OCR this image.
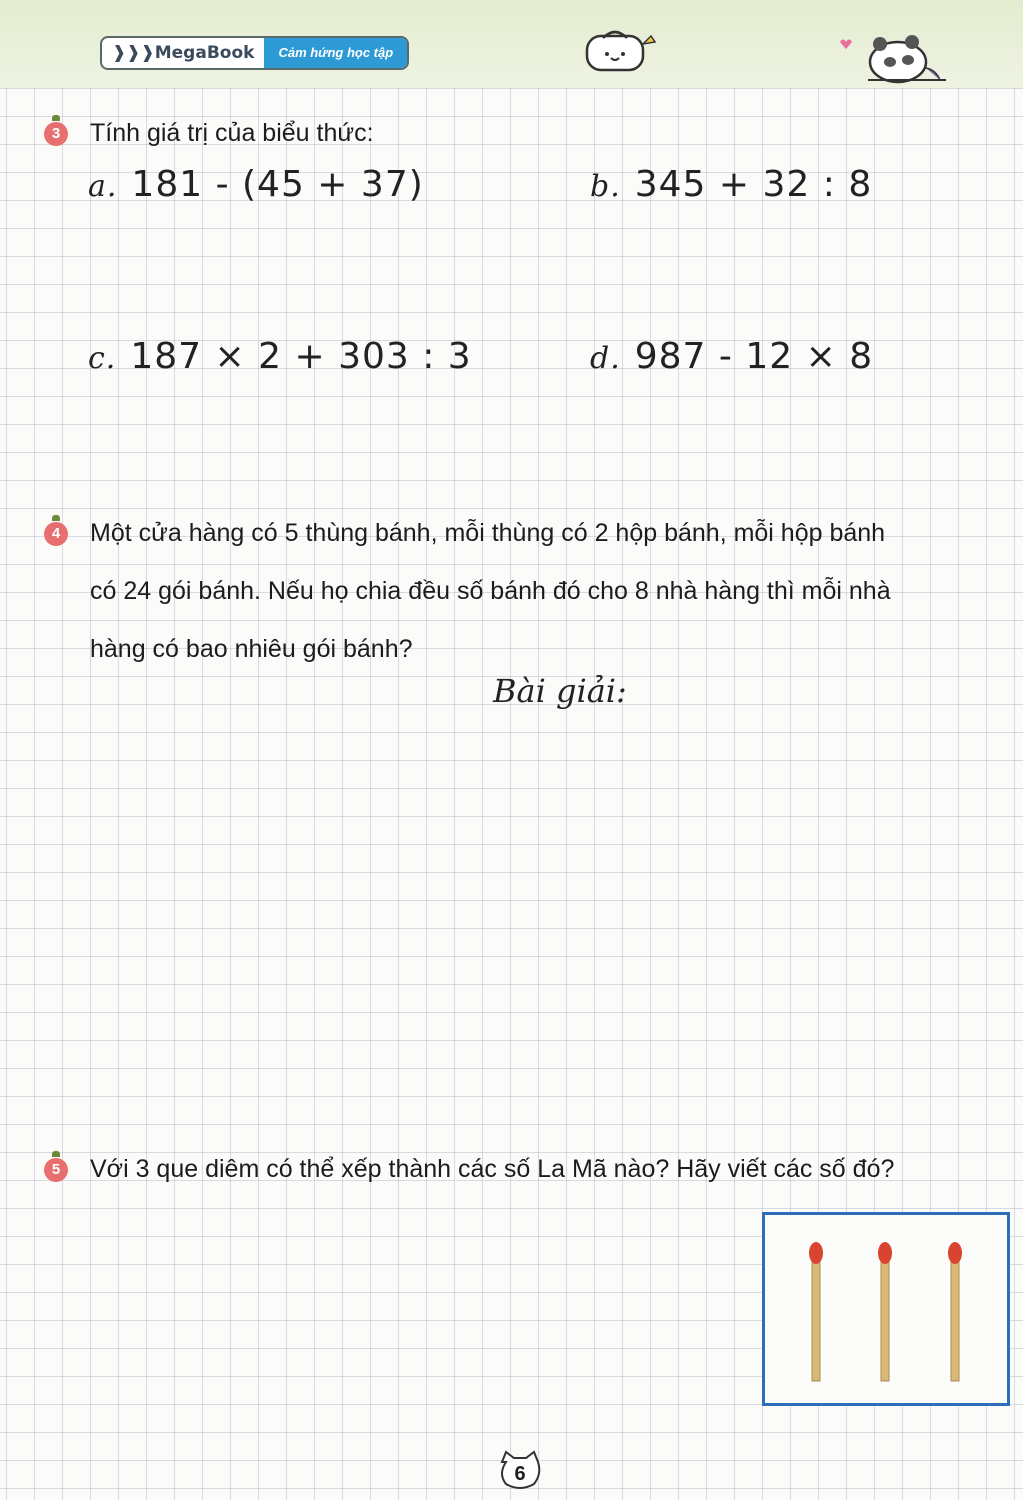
❱❱❱MegaBook	Cảm hứng học tập
3	Tính giá trị của biểu thức:
a. 181 - (45 + 37)	b. 345 + 32 : 8
c. 187 × 2 + 303 : 3	d. 987 - 12 × 8
4	Một cửa hàng có 5 thùng bánh, mỗi thùng có 2 hộp bánh, mỗi hộp bánh
có 24 gói bánh. Nếu họ chia đều số bánh đó cho 8 nhà hàng thì mỗi nhà
hàng có bao nhiêu gói bánh?
Bài giải:
5	Với 3 que diêm có thể xếp thành các số La Mã nào? Hãy viết các số đó?
6
